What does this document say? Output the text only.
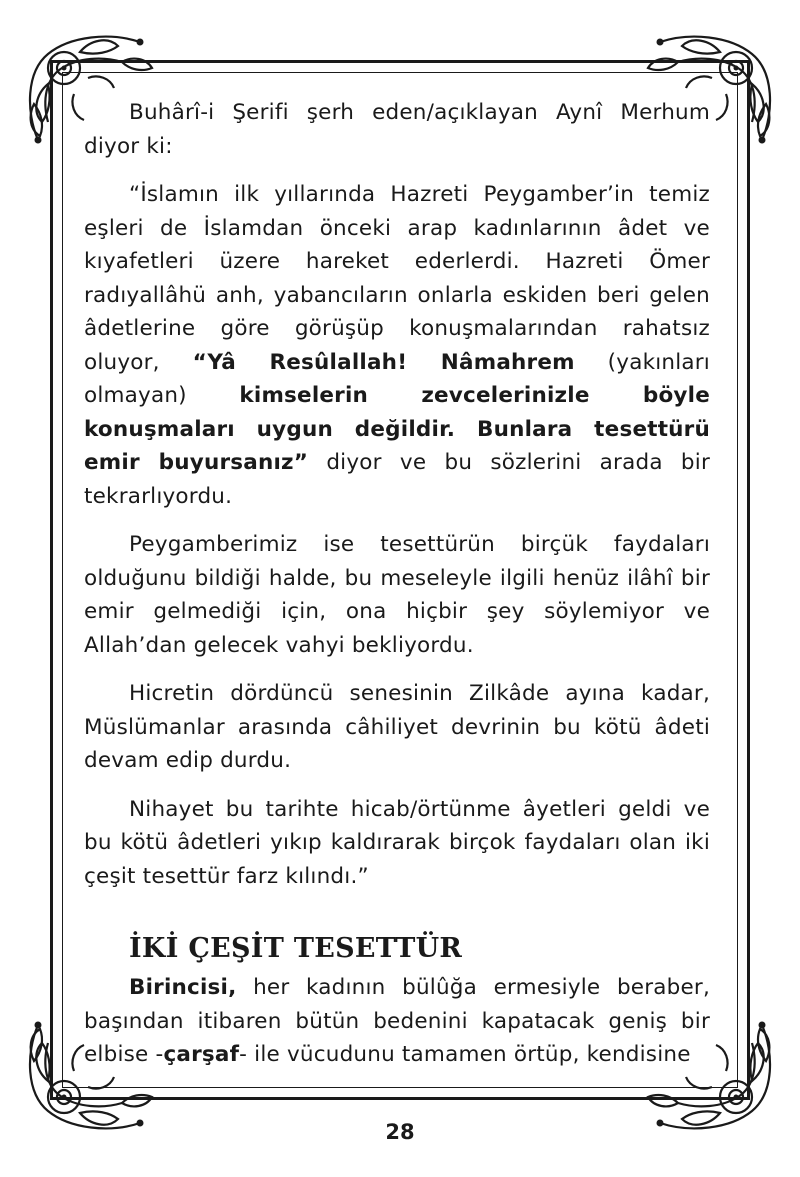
Buhârî-i Şerifi şerh eden/açıklayan Aynî Merhum diyor ki:

“İslamın ilk yıllarında Hazreti Peygamber’in temiz eşleri de İslamdan önceki arap kadınlarının âdet ve kıyafetleri üzere hareket ederlerdi. Hazreti Ömer radıyallâhü anh, yabancıların onlarla eskiden beri gelen âdetlerine göre görüşüp konuşmalarından rahatsız oluyor, “Yâ Resûlallah! Nâmahrem (yakınları olmayan) kimselerin zevcelerinizle böyle konuşmaları uygun değildir. Bunlara tesettürü emir buyursanız” diyor ve bu sözlerini arada bir tekrarlıyordu.

Peygamberimiz ise tesettürün birçük faydaları olduğunu bildiği halde, bu meseleyle ilgili henüz ilâhî bir emir gelmediği için, ona hiçbir şey söylemiyor ve Allah’dan gelecek vahyi bekliyordu.

Hicretin dördüncü senesinin Zilkâde ayına kadar, Müslümanlar arasında câhiliyet devrinin bu kötü âdeti devam edip durdu.

Nihayet bu tarihte hicab/örtünme âyetleri geldi ve bu kötü âdetleri yıkıp kaldırarak birçok faydaları olan iki çeşit tesettür farz kılındı.”

İKİ ÇEŞİT TESETTÜR

Birincisi, her kadının bülûğa ermesiyle beraber, başından itibaren bütün bedenini kapatacak geniş bir elbise -çarşaf- ile vücudunu tamamen örtüp, kendisine

28
